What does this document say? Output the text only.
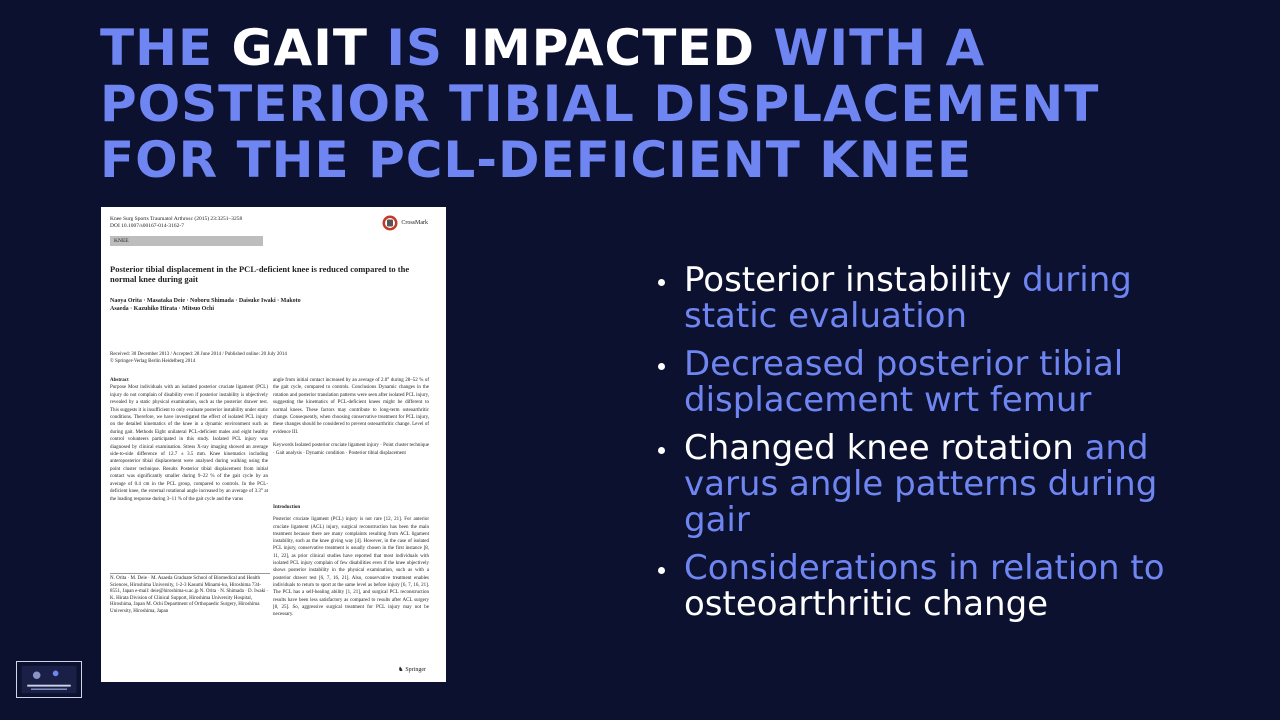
THE GAIT IS IMPACTED WITH A POSTERIOR TIBIAL DISPLACEMENT FOR THE PCL-DEFICIENT KNEE
Knee Surg Sports Traumatol Arthrosc (2015) 23:3251–3258
DOI 10.1007/s00167-014-3162-7	CrossMark
KNEE
Posterior tibial displacement in the PCL-deficient knee is reduced compared to the normal knee during gait
Naoya Orita · Masataka Deie · Noboru Shimada · Daisuke Iwaki · Makoto Asaeda · Kazuhiko Hirata · Mitsuo Ochi
Received: 30 December 2013 / Accepted: 28 June 2014 / Published online: 20 July 2014
© Springer-Verlag Berlin Heidelberg 2014
Abstract
Purpose Most individuals with an isolated posterior cruciate ligament (PCL) injury do not complain of disability even if posterior instability is objectively revealed by a static physical examination, such as the posterior drawer test. This suggests it is insufficient to only evaluate posterior instability under static conditions. Therefore, we have investigated the effect of isolated PCL injury on the detailed kinematics of the knee in a dynamic environment such as during gait. Methods Eight unilateral PCL-deficient males and eight healthy control volunteers participated in this study. Isolated PCL injury was diagnosed by clinical examination. Stress X-ray imaging showed an average side-to-side difference of 12.7 ± 3.5 mm. Knee kinematics including anteroposterior tibial displacement were analysed during walking using the point cluster technique. Results Posterior tibial displacement from initial contact was significantly smaller during 9–22 % of the gait cycle by an average of 0.4 cm in the PCL group, compared to controls. In the PCL-deficient knee, the external rotational angle increased by an average of 3.3° at the loading response during 3–11 % of the gait cycle and the varus
angle from initial contact increased by an average of 2.0° during 28–52 % of the gait cycle, compared to controls. Conclusions Dynamic changes in the rotation and posterior translation patterns were seen after isolated PCL injury, suggesting the kinematics of PCL-deficient knees might be different to normal knees. These factors may contribute to long-term osteoarthritic change. Consequently, when choosing conservative treatment for PCL injury, these changes should be considered to prevent osteoarthritic change. Level of evidence III.
Keywords Isolated posterior cruciate ligament injury · Point cluster technique · Gait analysis · Dynamic condition · Posterior tibial displacement
Introduction
Posterior cruciate ligament (PCL) injury is not rare [12, 21]. For anterior cruciate ligament (ACL) injury, surgical reconstruction has been the main treatment because there are many complaints resulting from ACL ligament instability, such as the knee giving way [4]. However, in the case of isolated PCL injury, conservative treatment is usually chosen in the first instance [8, 11, 22], as prior clinical studies have reported that most individuals with isolated PCL injury complain of few disabilities even if the knee objectively shows posterior instability in the physical examination, such as with a posterior drawer test [6, 7, 16, 21]. Also, conservative treatment enables individuals to return to sport at the same level as before injury [6, 7, 16, 21]. The PCL has a self-healing ability [1, 21], and surgical PCL reconstruction results have been less satisfactory as compared to results after ACL surgery [8, 25]. So, aggressive surgical treatment for PCL injury may not be necessary.
N. Orita · M. Deie · M. Asaeda Graduate School of Biomedical and Health Sciences, Hiroshima University, 1-2-3 Kasumi Minami-ku, Hiroshima 734-8551, Japan e-mail: deie@hiroshima-u.ac.jp N. Orita · N. Shimada · D. Iwaki · K. Hirata Division of Clinical Support, Hiroshima University Hospital, Hiroshima, Japan M. Ochi Department of Orthopaedic Surgery, Hiroshima University, Hiroshima, Japan
♞ Springer
Posterior instability during static evaluation
Decreased posterior tibial displacement wrt femur
Changed knee rotation and varus angle patterns during gair
Considerations in relation to osteoarthritic change
